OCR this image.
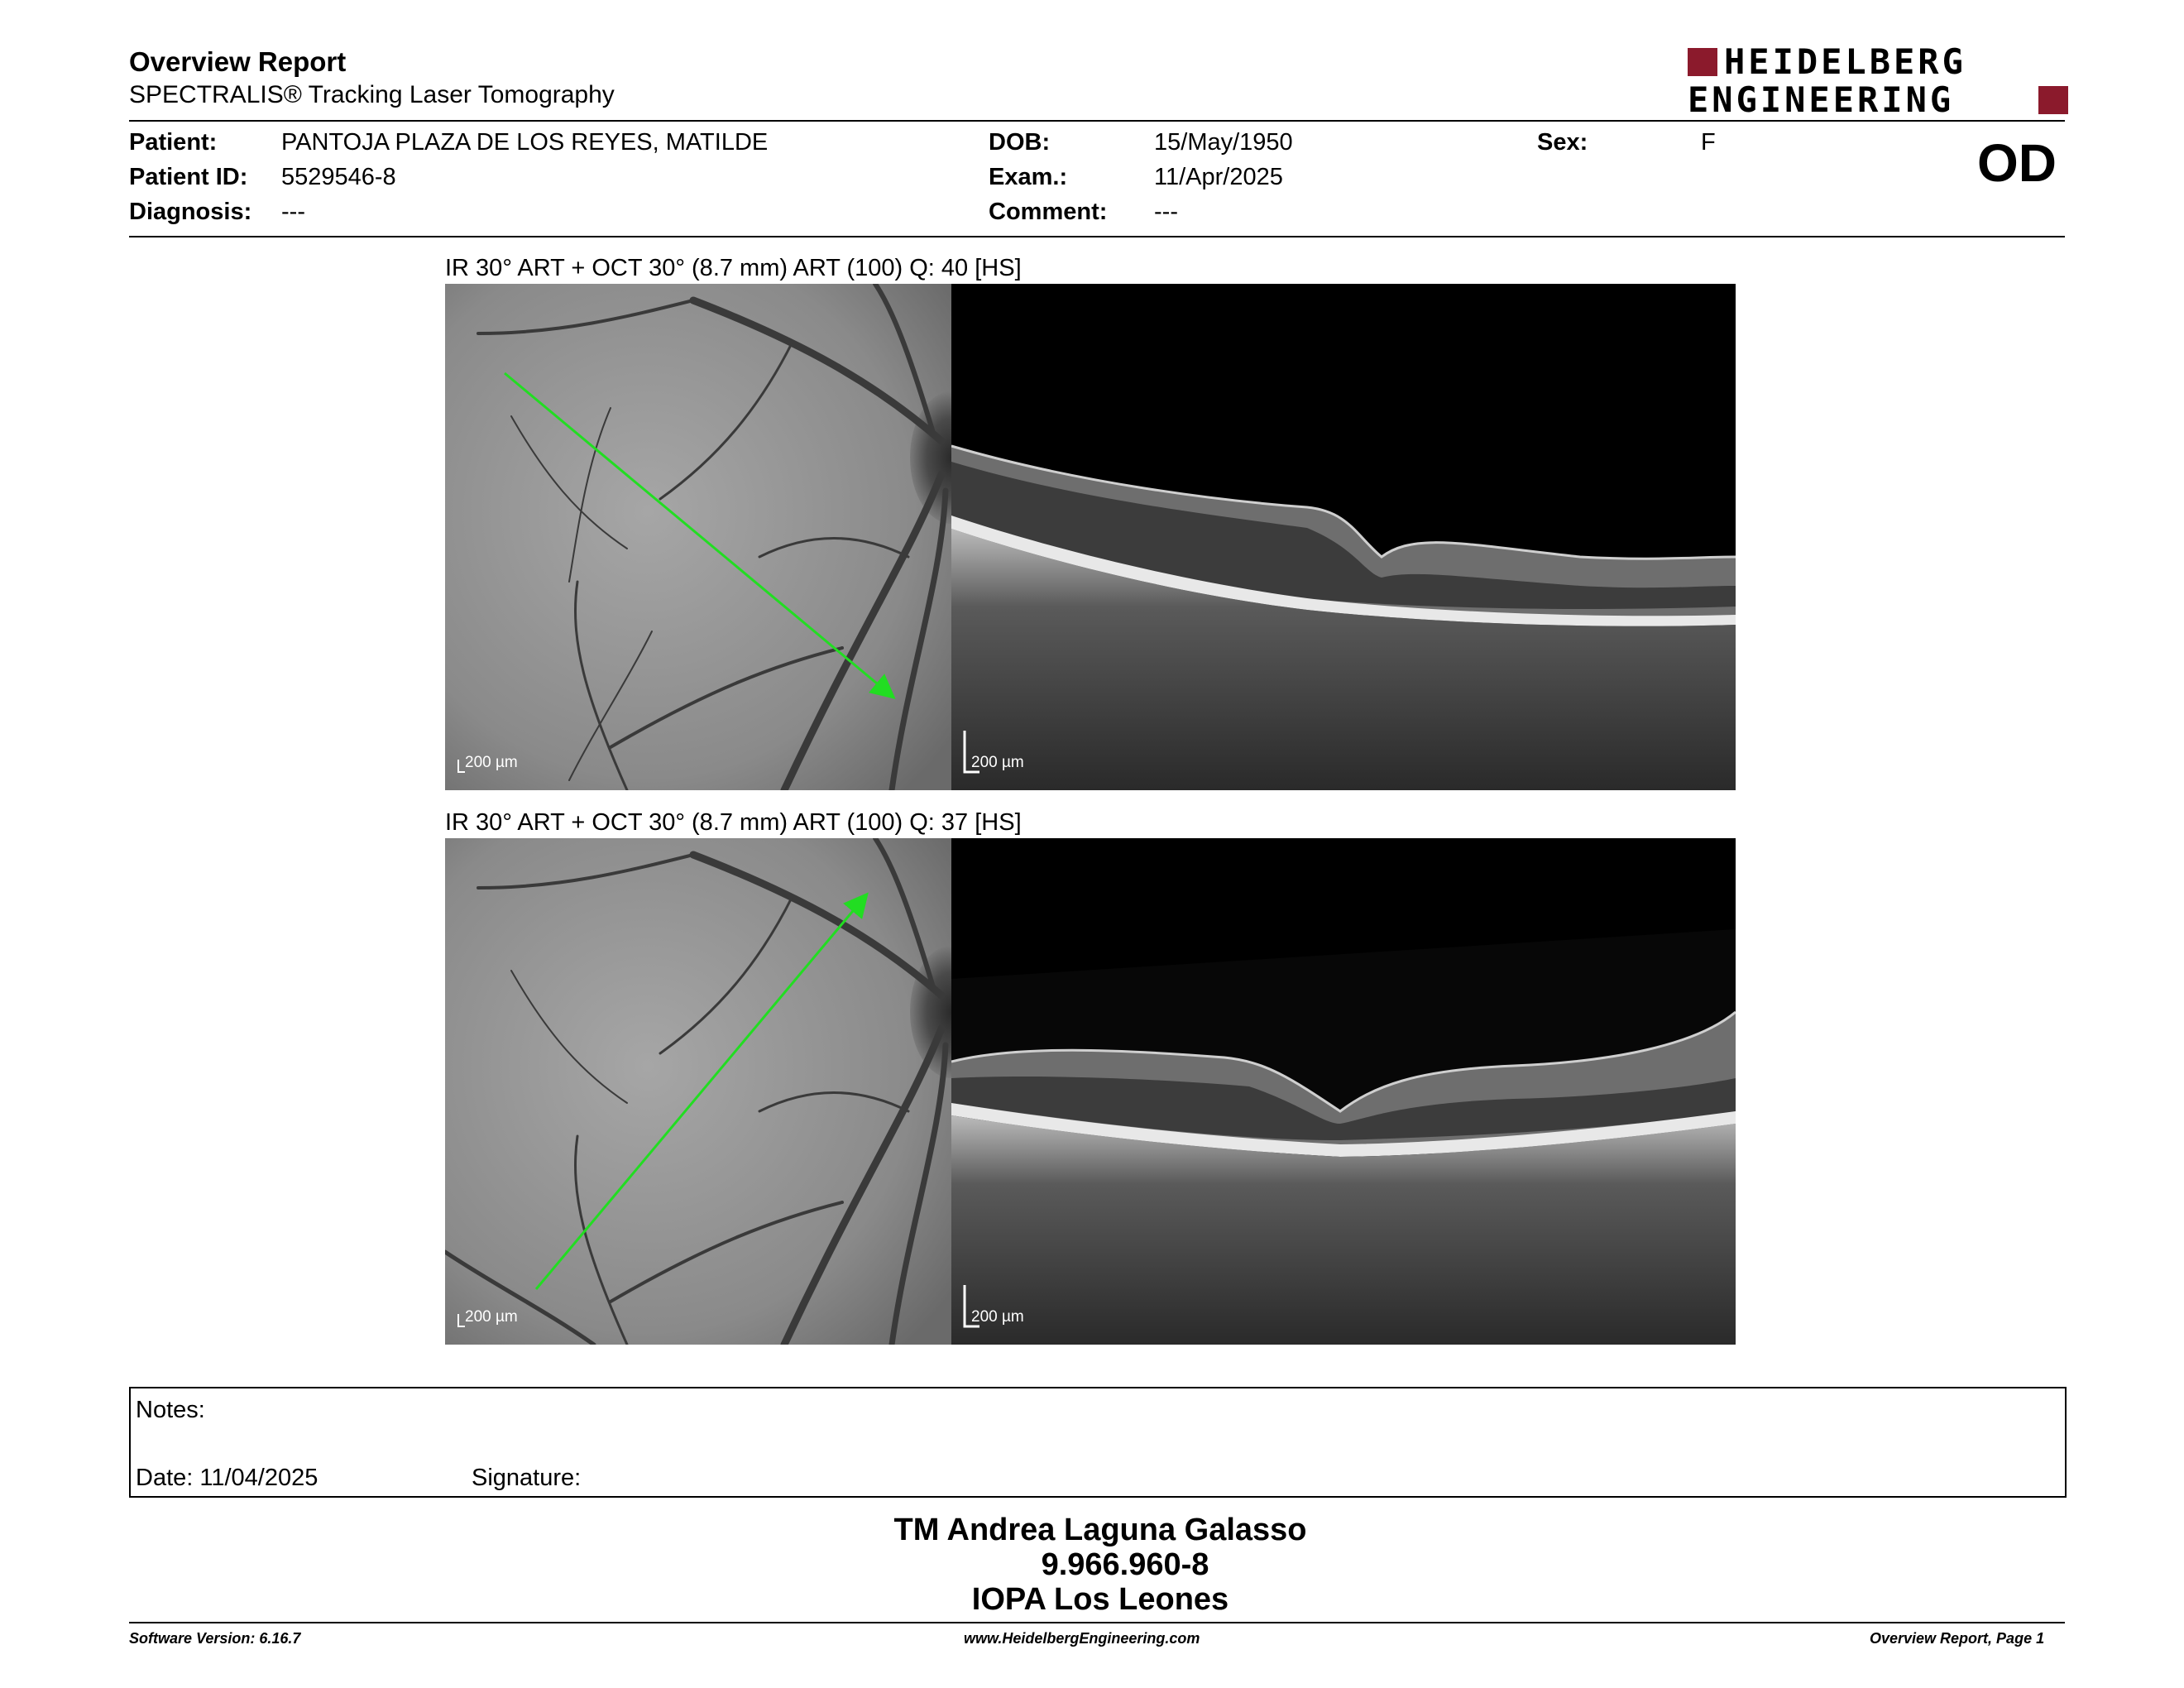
Overview Report
SPECTRALIS® Tracking Laser Tomography
HEIDELBERG
ENGINEERING
Patient:	PANTOJA PLAZA DE LOS REYES, MATILDE
Patient ID: 5529546-8
Diagnosis: ---
DOB:	15/May/1950
Exam.:	11/Apr/2025
Comment: ---
Sex:	F	OD
IR 30° ART + OCT 30° (8.7 mm) ART (100) Q: 40 [HS]
200 µm	200 µm
IR 30° ART + OCT 30° (8.7 mm) ART (100) Q: 37 [HS]
200 µm	200 µm
Notes:
Date: 11/04/2025	Signature:
TM Andrea Laguna Galasso
9.966.960-8
IOPA Los Leones
Software Version: 6.16.7	www.HeidelbergEngineering.com	Overview Report, Page 1
